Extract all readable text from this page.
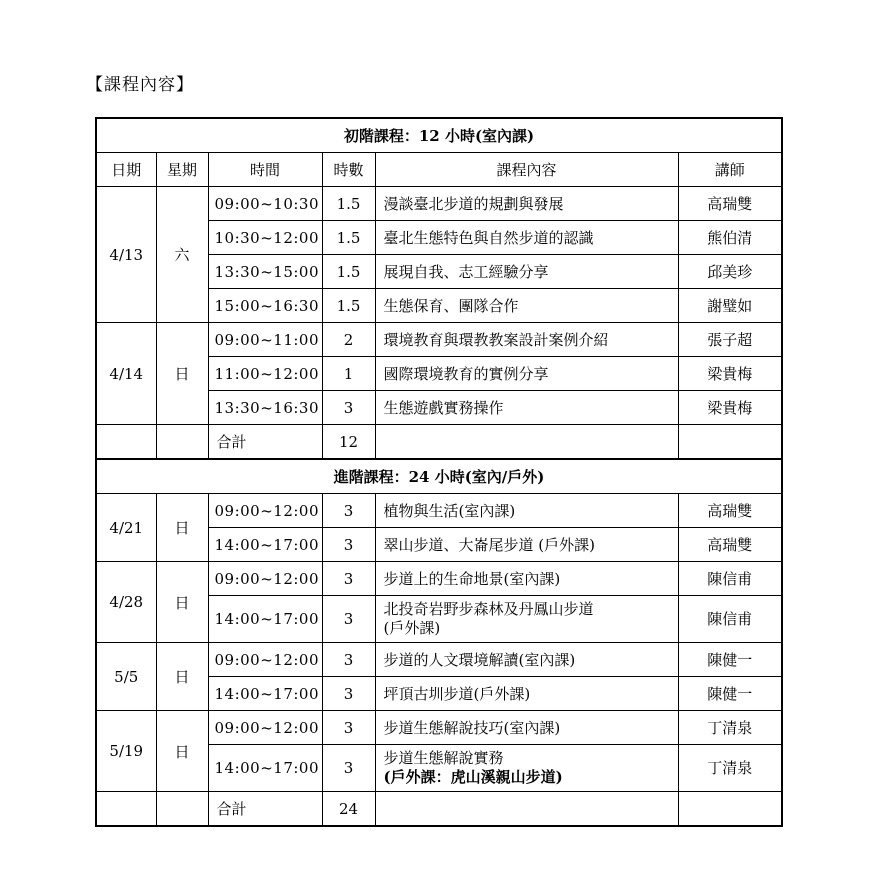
【課程內容】
初階課程：12 小時(室內課)					
日期	星期	時間	時數	課程內容	講師
4/13	六	09:00~10:30	1.5	漫談臺北步道的規劃與發展	高瑞雙
		10:30~12:00	1.5	臺北生態特色與自然步道的認識	熊伯清
		13:30~15:00	1.5	展現自我、志工經驗分享	邱美珍
		15:00~16:30	1.5	生態保育、團隊合作	謝璧如
4/14	日	09:00~11:00	2	環境教育與環教教案設計案例介紹	張子超
		11:00~12:00	1	國際環境教育的實例分享	梁貴梅
		13:30~16:30	3	生態遊戲實務操作	梁貴梅
		合計	12		
進階課程：24 小時(室內/戶外)					
4/21	日	09:00~12:00	3	植物與生活(室內課)	高瑞雙
		14:00~17:00	3	翠山步道、大崙尾步道 (戶外課)	高瑞雙
4/28	日	09:00~12:00	3	步道上的生命地景(室內課)	陳信甫
		14:00~17:00	3	北投奇岩野步森林及丹鳳山步道
(戶外課)	陳信甫
5/5	日	09:00~12:00	3	步道的人文環境解讀(室內課)	陳健一
		14:00~17:00	3	坪頂古圳步道(戶外課)	陳健一
5/19	日	09:00~12:00	3	步道生態解說技巧(室內課)	丁清泉
		14:00~17:00	3	步道生態解說實務
(戶外課：虎山溪親山步道)	丁清泉
		合計	24		
